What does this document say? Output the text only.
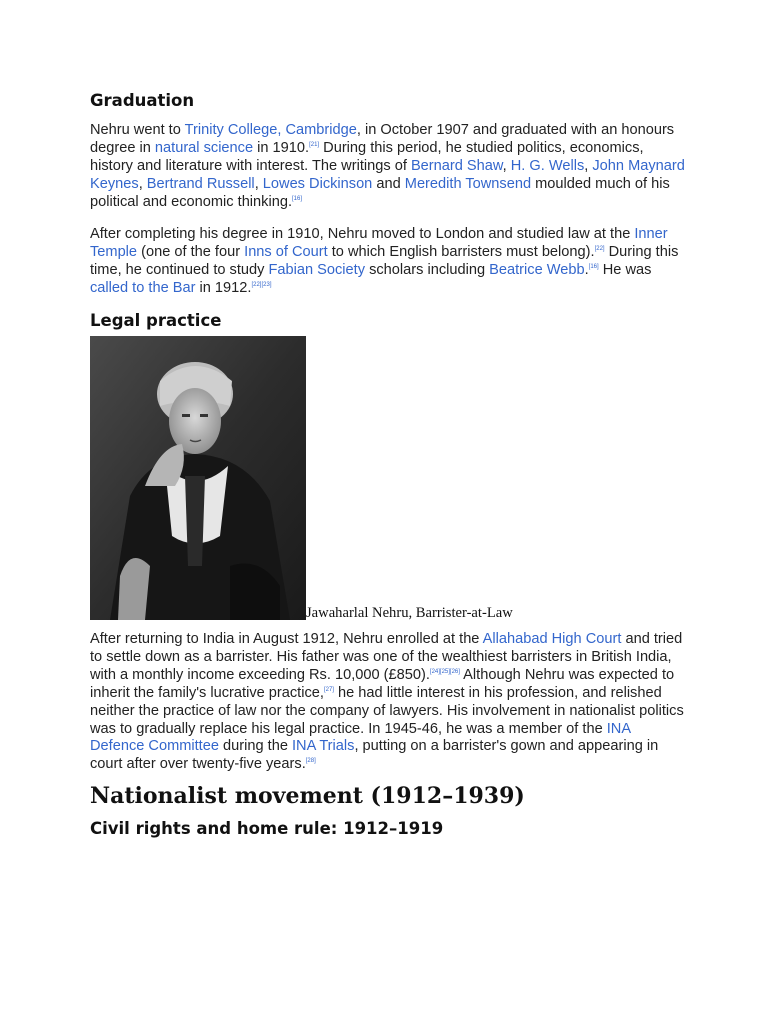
Graduation

Nehru went to Trinity College, Cambridge, in October 1907 and graduated with an honours degree in natural science in 1910.[21] During this period, he studied politics, economics, history and literature with interest. The writings of Bernard Shaw, H. G. Wells, John Maynard Keynes, Bertrand Russell, Lowes Dickinson and Meredith Townsend moulded much of his political and economic thinking.[16]

After completing his degree in 1910, Nehru moved to London and studied law at the Inner Temple (one of the four Inns of Court to which English barristers must belong).[22] During this time, he continued to study Fabian Society scholars including Beatrice Webb.[16] He was called to the Bar in 1912.[22][23]

Legal practice
Jawaharlal Nehru, Barrister-at-Law

After returning to India in August 1912, Nehru enrolled at the Allahabad High Court and tried to settle down as a barrister. His father was one of the wealthiest barristers in British India, with a monthly income exceeding Rs. 10,000 (£850).[24][25][26] Although Nehru was expected to inherit the family's lucrative practice,[27] he had little interest in his profession, and relished neither the practice of law nor the company of lawyers. His involvement in nationalist politics was to gradually replace his legal practice. In 1945-46, he was a member of the INA Defence Committee during the INA Trials, putting on a barrister's gown and appearing in court after over twenty-five years.[28]

Nationalist movement (1912–1939)
Civil rights and home rule: 1912–1919
